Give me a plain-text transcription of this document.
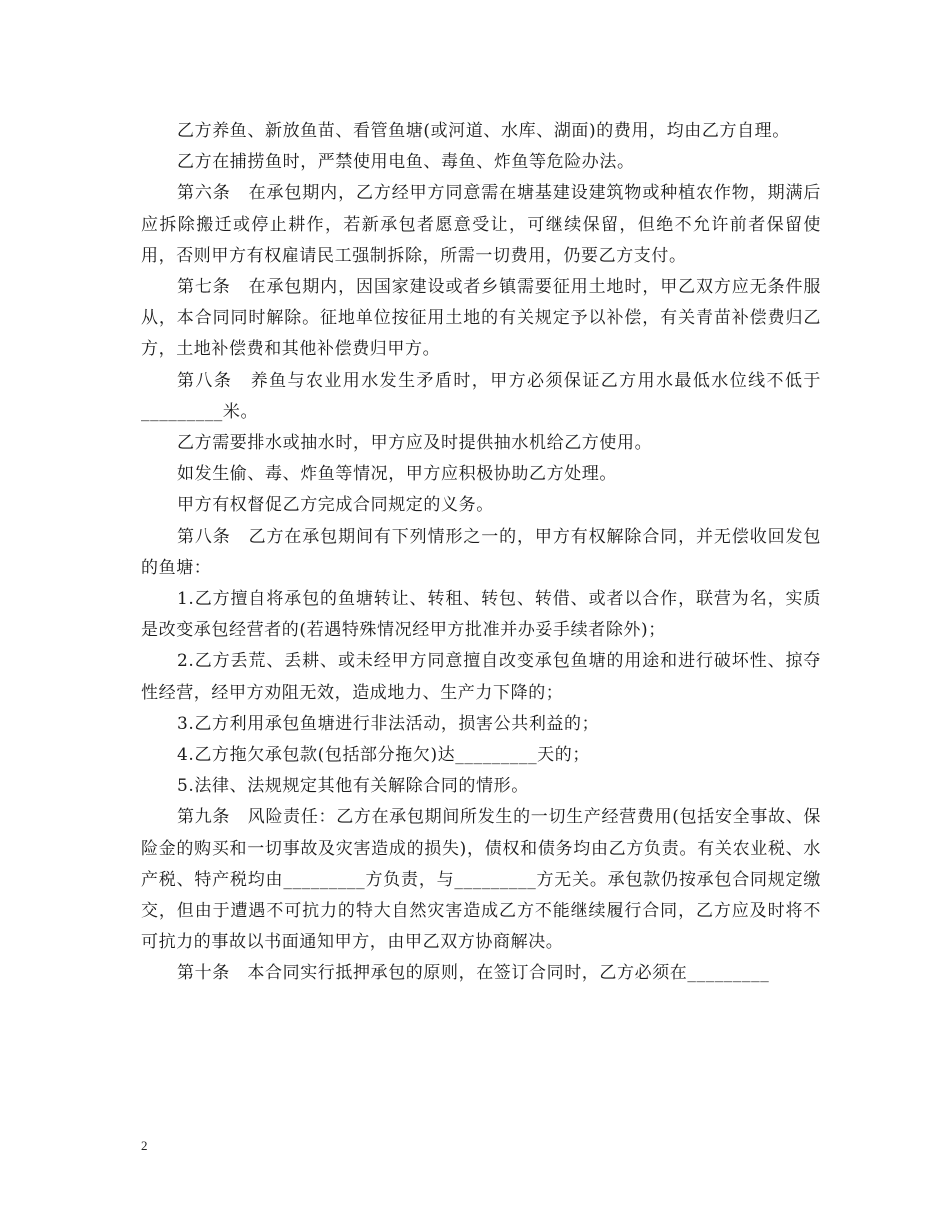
乙方养鱼、新放鱼苗、看管鱼塘(或河道、水库、湖面)的费用，均由乙方自理。

乙方在捕捞鱼时，严禁使用电鱼、毒鱼、炸鱼等危险办法。

第六条　在承包期内，乙方经甲方同意需在塘基建设建筑物或种植农作物，期满后应拆除搬迁或停止耕作，若新承包者愿意受让，可继续保留，但绝不允许前者保留使用，否则甲方有权雇请民工强制拆除，所需一切费用，仍要乙方支付。

第七条　在承包期内，因国家建设或者乡镇需要征用土地时，甲乙双方应无条件服从，本合同同时解除。征地单位按征用土地的有关规定予以补偿，有关青苗补偿费归乙方，土地补偿费和其他补偿费归甲方。

第八条　养鱼与农业用水发生矛盾时，甲方必须保证乙方用水最低水位线不低于_________米。

乙方需要排水或抽水时，甲方应及时提供抽水机给乙方使用。

如发生偷、毒、炸鱼等情况，甲方应积极协助乙方处理。

甲方有权督促乙方完成合同规定的义务。

第八条　乙方在承包期间有下列情形之一的，甲方有权解除合同，并无偿收回发包的鱼塘：

1.乙方擅自将承包的鱼塘转让、转租、转包、转借、或者以合作，联营为名，实质是改变承包经营者的(若遇特殊情况经甲方批准并办妥手续者除外)；

2.乙方丢荒、丢耕、或未经甲方同意擅自改变承包鱼塘的用途和进行破坏性、掠夺性经营，经甲方劝阻无效，造成地力、生产力下降的；

3.乙方利用承包鱼塘进行非法活动，损害公共利益的；

4.乙方拖欠承包款(包括部分拖欠)达_________天的；

5.法律、法规规定其他有关解除合同的情形。

第九条　风险责任：乙方在承包期间所发生的一切生产经营费用(包括安全事故、保险金的购买和一切事故及灾害造成的损失)，债权和债务均由乙方负责。有关农业税、水产税、特产税均由_________方负责，与_________方无关。承包款仍按承包合同规定缴交，但由于遭遇不可抗力的特大自然灾害造成乙方不能继续履行合同，乙方应及时将不可抗力的事故以书面通知甲方，由甲乙双方协商解决。

第十条　本合同实行抵押承包的原则，在签订合同时，乙方必须在_________

2
